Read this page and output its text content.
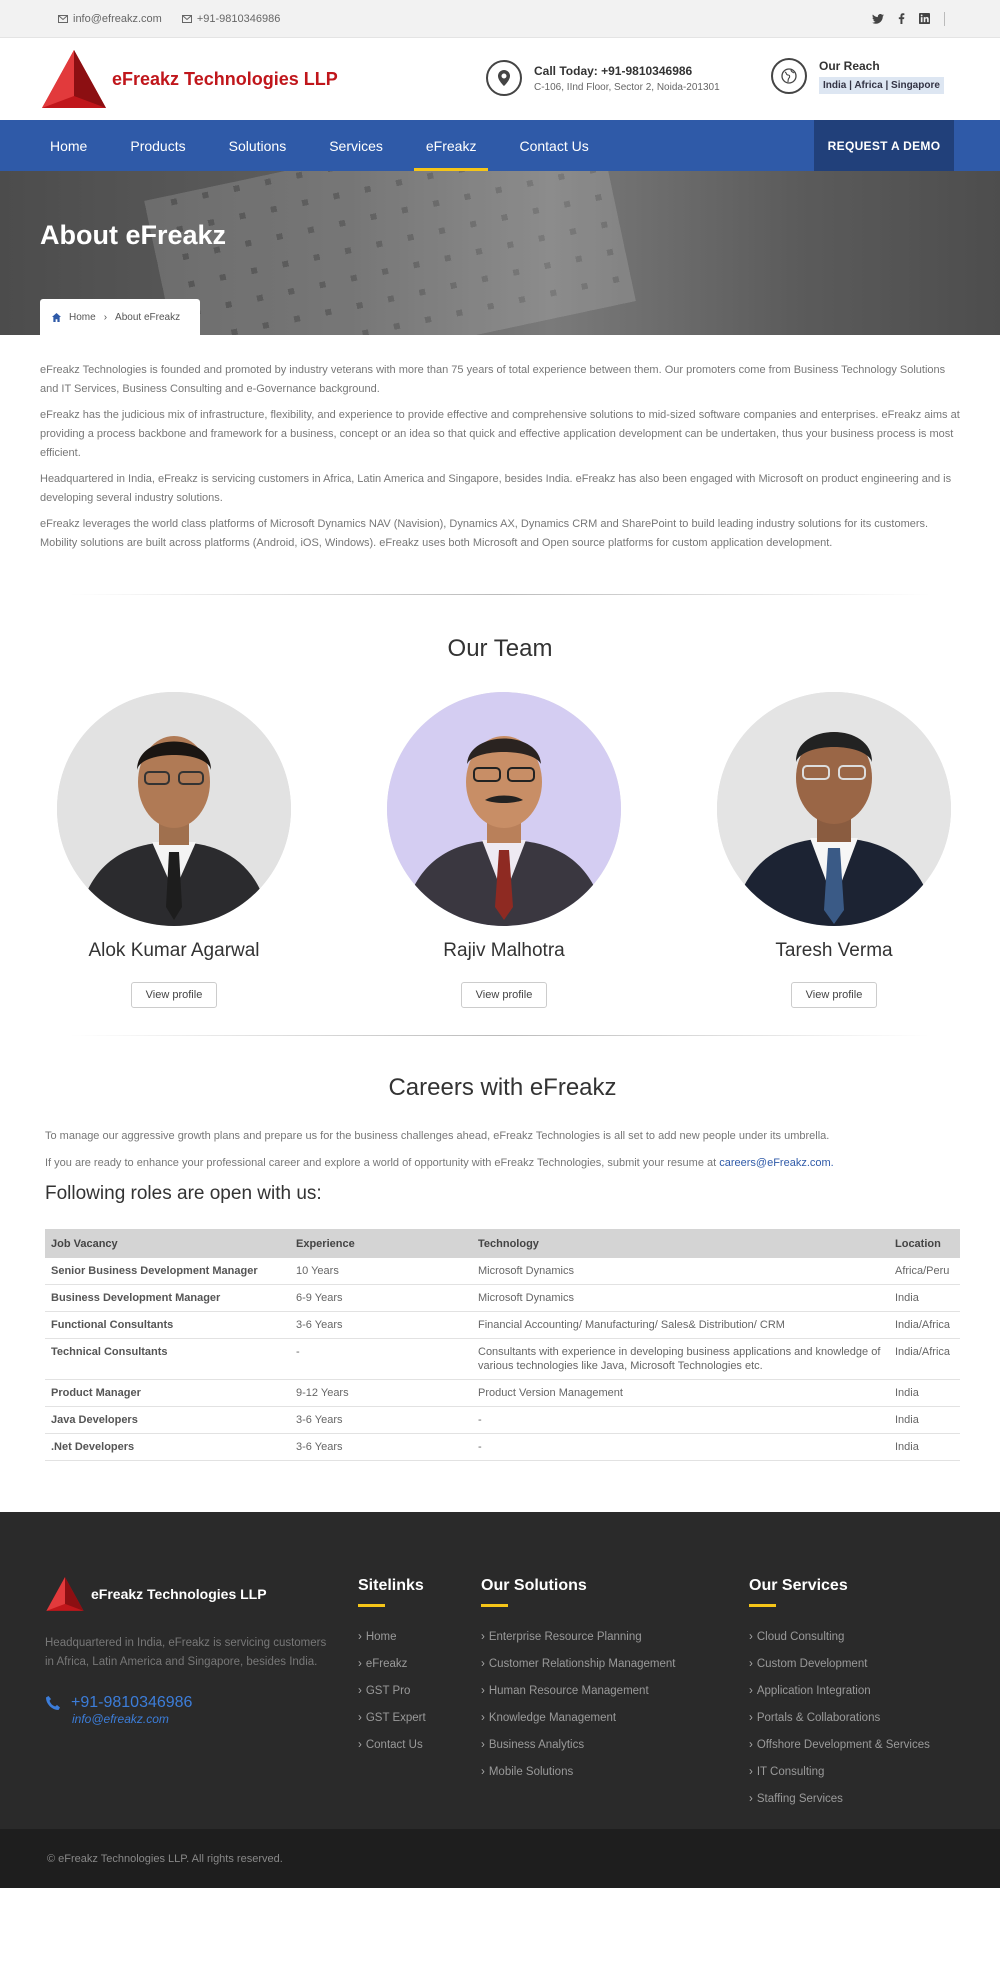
info@efreakz.com	+91-9810346986
eFreakz Technologies LLP	Call Today: +91-9810346986
C-106, IInd Floor, Sector 2, Noida-201301
Our Reach
India | Africa | Singapore
Home	Products	Solutions	Services	eFreakz	Contact Us	REQUEST A DEMO
About eFreakz
Home › About eFreakz

eFreakz Technologies is founded and promoted by industry veterans with more than 75 years of total experience between them. Our promoters come from Business Technology Solutions and IT Services, Business Consulting and e-Governance background.

eFreakz has the judicious mix of infrastructure, flexibility, and experience to provide effective and comprehensive solutions to mid-sized software companies and enterprises. eFreakz aims at providing a process backbone and framework for a business, concept or an idea so that quick and effective application development can be undertaken, thus your business process is most efficient.

Headquartered in India, eFreakz is servicing customers in Africa, Latin America and Singapore, besides India. eFreakz has also been engaged with Microsoft on product engineering and is developing several industry solutions.

eFreakz leverages the world class platforms of Microsoft Dynamics NAV (Navision), Dynamics AX, Dynamics CRM and SharePoint to build leading industry solutions for its customers. Mobility solutions are built across platforms (Android, iOS, Windows). eFreakz uses both Microsoft and Open source platforms for custom application development.

Our Team
Alok Kumar Agarwal
View profile
Rajiv Malhotra
View profile
Taresh Verma
View profile
Careers with eFreakz

To manage our aggressive growth plans and prepare us for the business challenges ahead, eFreakz Technologies is all set to add new people under its umbrella.

If you are ready to enhance your professional career and explore a world of opportunity with eFreakz Technologies, submit your resume at careers@eFreakz.com.

Following roles are open with us:
Job Vacancy	Experience	Technology	Location
Senior Business Development Manager	10 Years	Microsoft Dynamics	Africa/Peru
Business Development Manager	6-9 Years	Microsoft Dynamics	India
Functional Consultants	3-6 Years	Financial Accounting/ Manufacturing/ Sales& Distribution/ CRM	India/Africa
Technical Consultants	-	Consultants with experience in developing business applications and knowledge of various technologies like Java, Microsoft Technologies etc.	India/Africa
Product Manager	9-12 Years	Product Version Management	India
Java Developers	3-6 Years	-	India
.Net Developers	3-6 Years	-	India
eFreakz Technologies LLP
Headquartered in India, eFreakz is servicing customers in Africa, Latin America and Singapore, besides India.
+91-9810346986
info@efreakz.com
Sitelinks
› Home
› eFreakz
› GST Pro
› GST Expert
› Contact Us
Our Solutions
› Enterprise Resource Planning
› Customer Relationship Management
› Human Resource Management
› Knowledge Management
› Business Analytics
› Mobile Solutions
Our Services
› Cloud Consulting
› Custom Development
› Application Integration
› Portals & Collaborations
› Offshore Development & Services
› IT Consulting
› Staffing Services
© eFreakz Technologies LLP. All rights reserved.
